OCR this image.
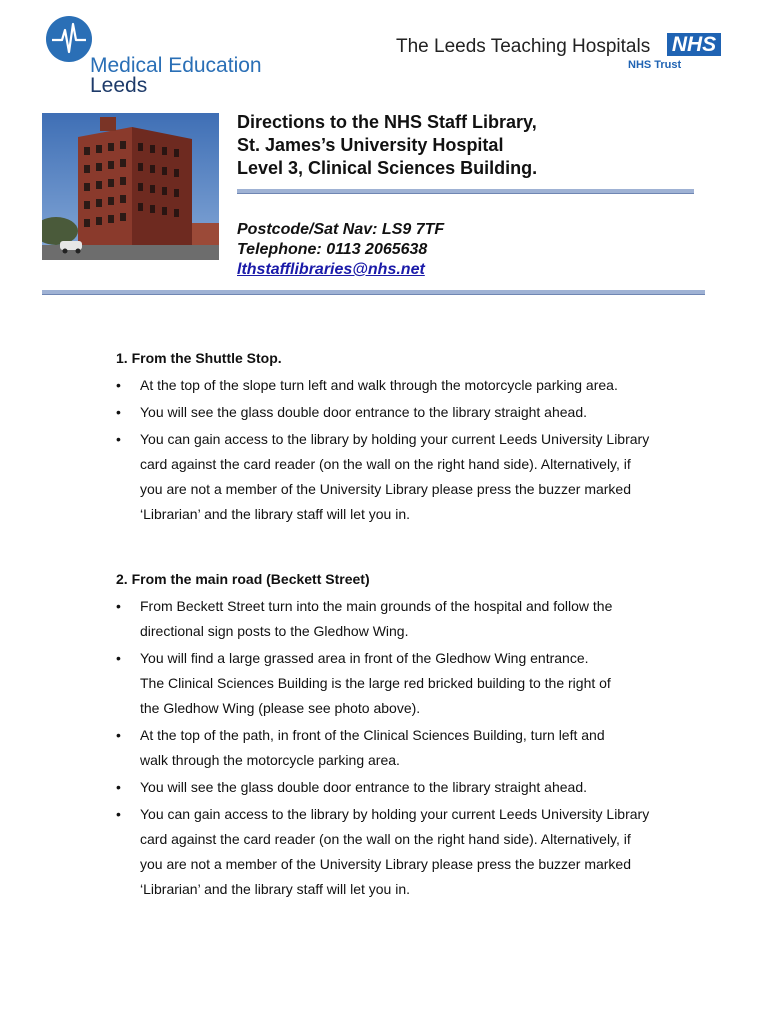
Medical Education
Leeds
The Leeds Teaching Hospitals NHS
NHS Trust
Directions to the NHS Staff Library,
St. James’s University Hospital
Level 3, Clinical Sciences Building.
Postcode/Sat Nav: LS9 7TF
Telephone: 0113 2065638
lthstafflibraries@nhs.net
1. From the Shuttle Stop.
• At the top of the slope turn left and walk through the motorcycle parking area.
• You will see the glass double door entrance to the library straight ahead.
• You can gain access to the library by holding your current Leeds University Library
card against the card reader (on the wall on the right hand side). Alternatively, if
you are not a member of the University Library please press the buzzer marked
‘Librarian’ and the library staff will let you in.
2. From the main road (Beckett Street)
• From Beckett Street turn into the main grounds of the hospital and follow the
directional sign posts to the Gledhow Wing.
• You will find a large grassed area in front of the Gledhow Wing entrance.
The Clinical Sciences Building is the large red bricked building to the right of
the Gledhow Wing (please see photo above).
• At the top of the path, in front of the Clinical Sciences Building, turn left and
walk through the motorcycle parking area.
• You will see the glass double door entrance to the library straight ahead.
• You can gain access to the library by holding your current Leeds University Library
card against the card reader (on the wall on the right hand side). Alternatively, if
you are not a member of the University Library please press the buzzer marked
‘Librarian’ and the library staff will let you in.
